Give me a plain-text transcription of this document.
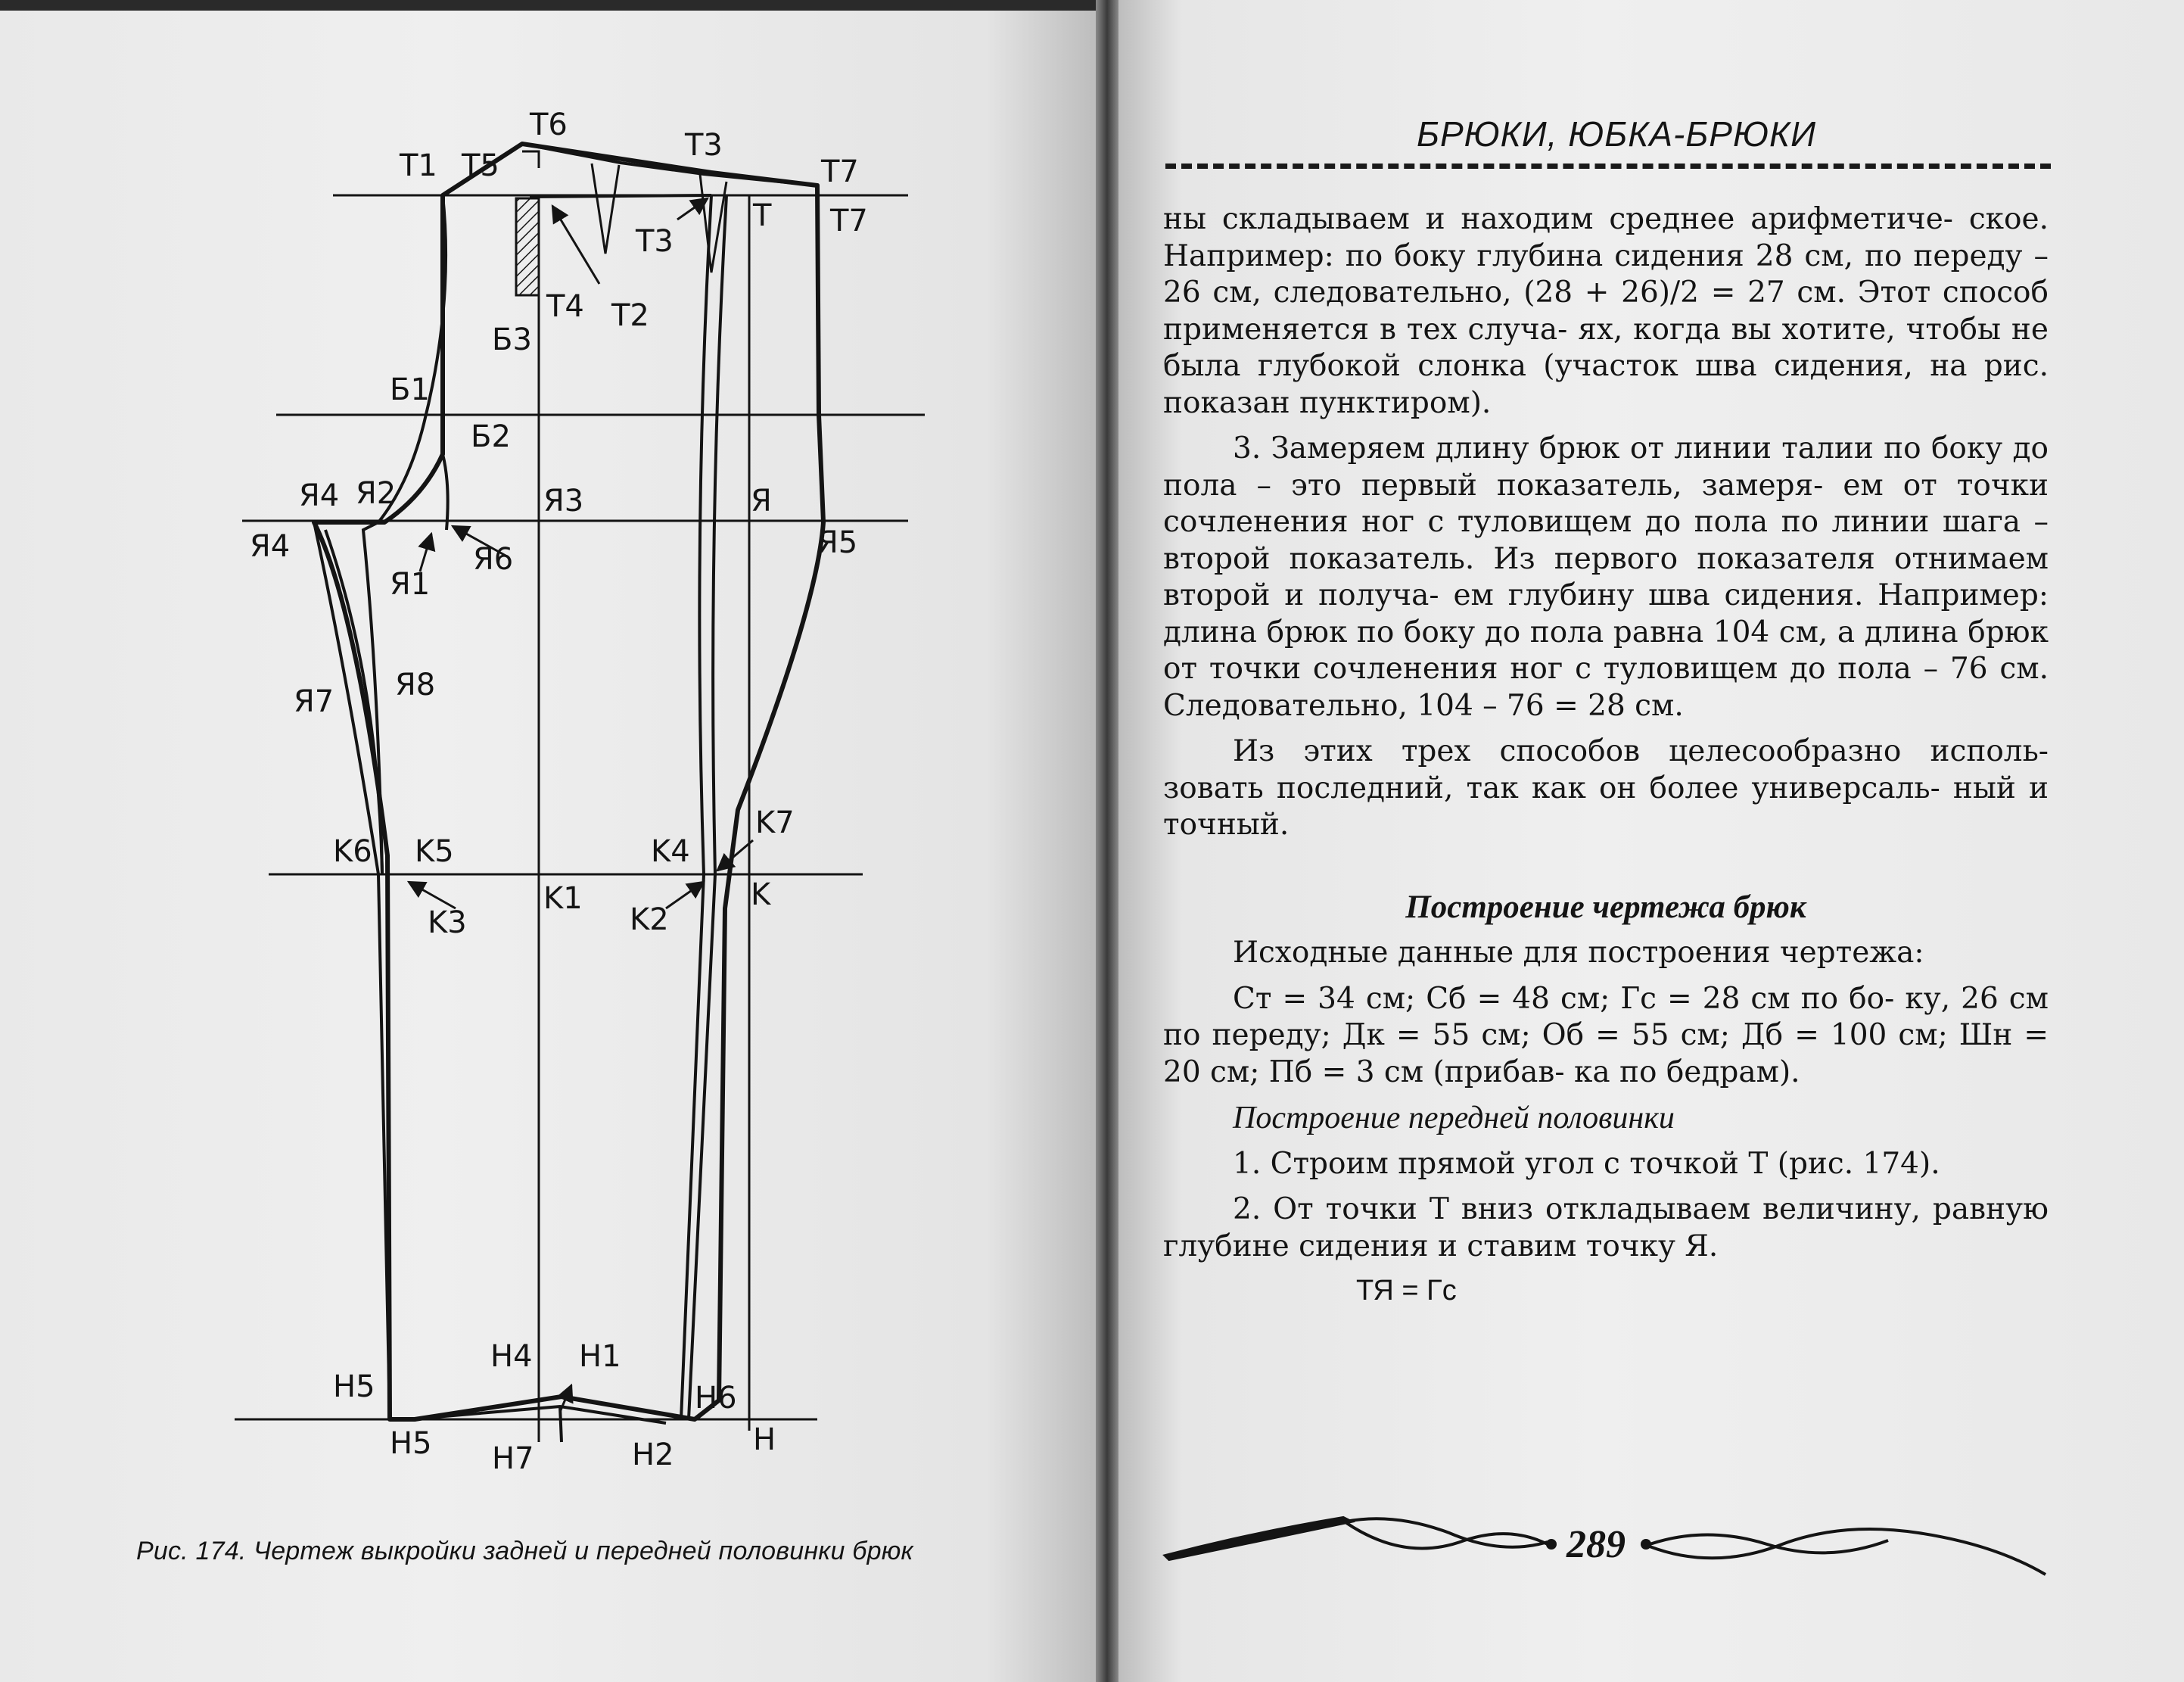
T6
T1 T5
T3
T7
T T7
T3
T4 T2
Б3
Б1
Б2
Я4 Я2	Я3	Я
Я4	Я6	Я5
Я1
Я7 Я8
K6 K5	K4
K7
K1	K
K3	K2
H4 H1
H5	H6
H
H5 H7	H2
Рис. 174. Чертеж выкройки задней и передней половинки брюк
БРЮКИ, ЮБКА-БРЮКИ

ны складываем и находим среднее арифметиче- ское. Например: по боку глубина сидения 28 см, по переду – 26 см, следовательно, (28 + 26)/2 = 27 см. Этот способ применяется в тех случа- ях, когда вы хотите, чтобы не была глубокой слонка (участок шва сидения, на рис. показан пунктиром).

3. Замеряем длину брюк от линии талии по боку до пола – это первый показатель, замеря- ем от точки сочленения ног с туловищем до пола по линии шага – второй показатель. Из первого показателя отнимаем второй и получа- ем глубину шва сидения. Например: длина брюк по боку до пола равна 104 см, а длина брюк от точки сочленения ног с туловищем до пола – 76 см. Следовательно, 104 – 76 = 28 см.

Из этих трех способов целесообразно исполь- зовать последний, так как он более универсаль- ный и точный.

Построение чертежа брюк

Исходные данные для построения чертежа:

Cт = 34 см; Cб = 48 см; Гс = 28 см по бо- ку, 26 см по переду; Дк = 55 см; Об = 55 см; Дб = 100 см; Шн = 20 см; Пб = 3 см (прибав- ка по бедрам).

Построение передней половинки

1. Строим прямой угол с точкой Т (рис. 174).

2. От точки Т вниз откладываем величину, равную глубине сидения и ставим точку Я.

ТЯ = Гс

289
